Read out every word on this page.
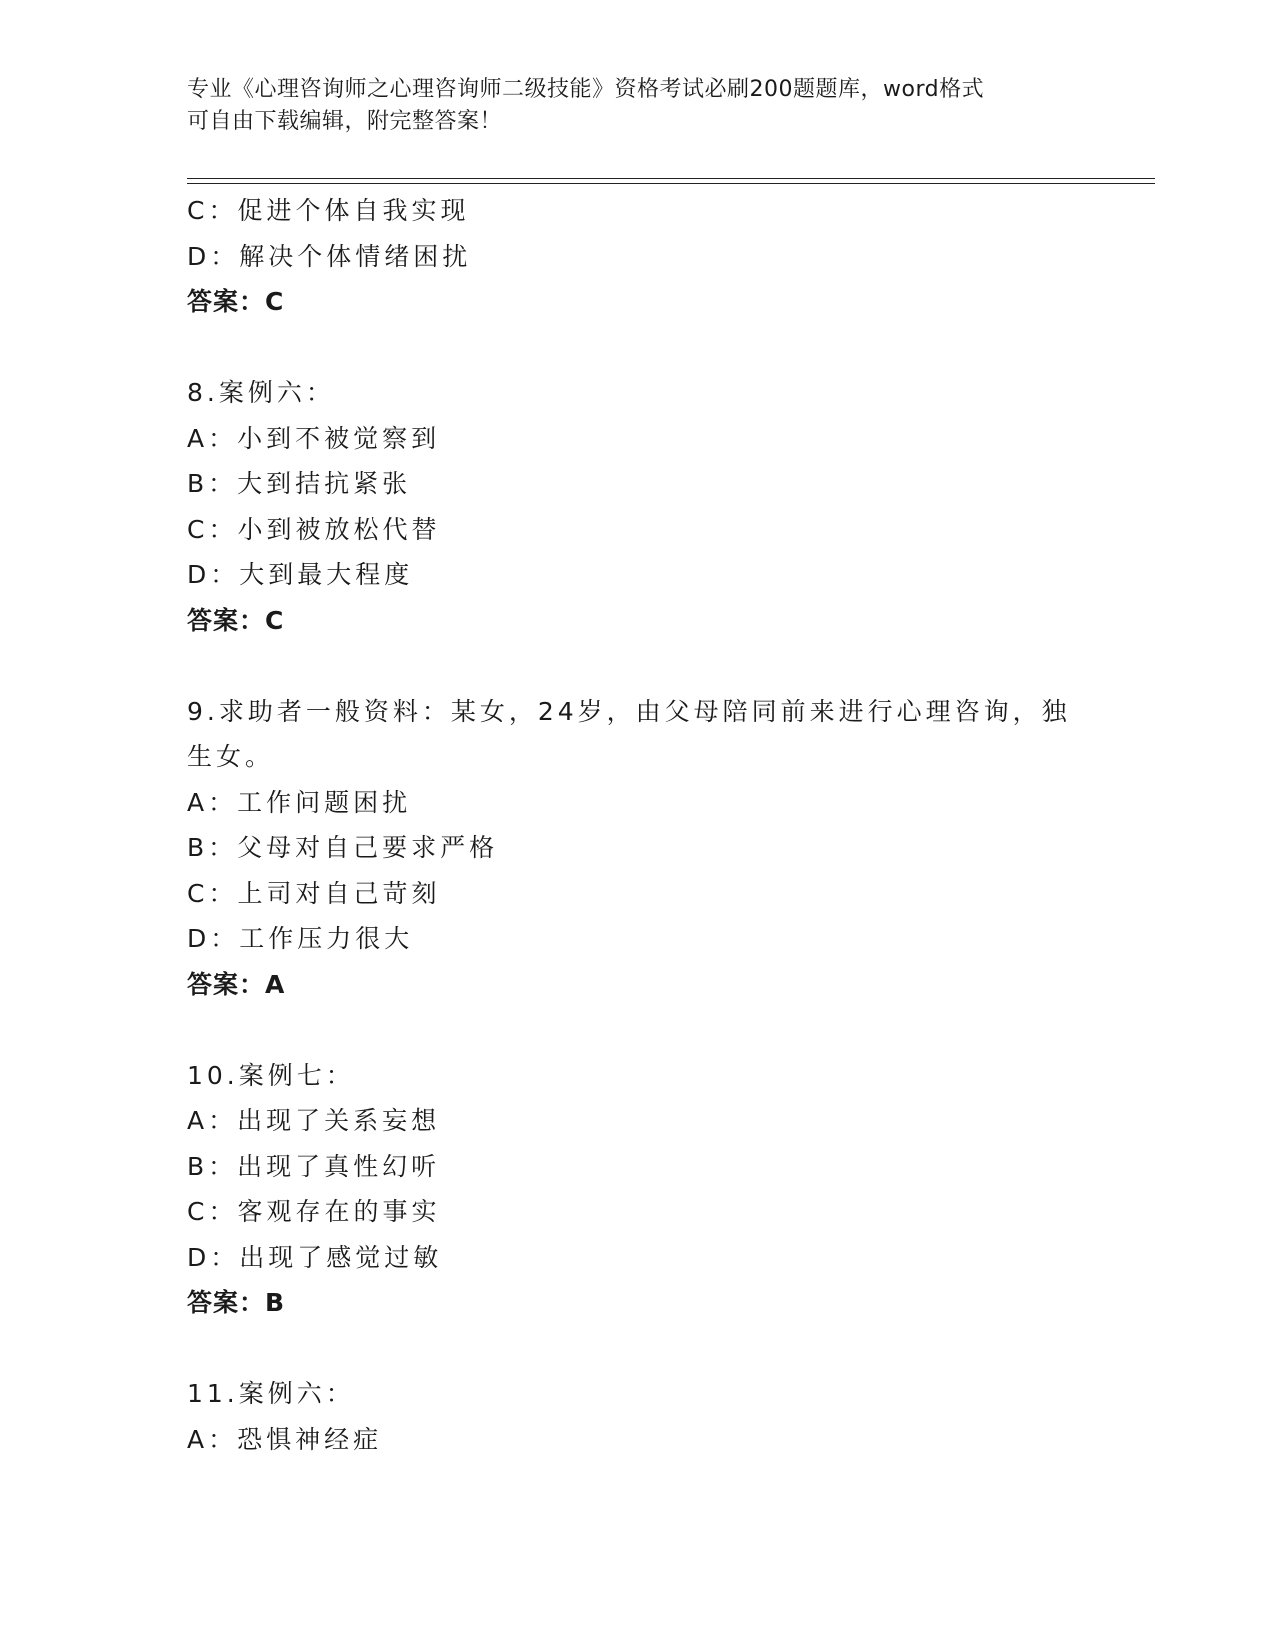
专业《心理咨询师之心理咨询师二级技能》资格考试必刷200题题库，word格式
可自由下载编辑，附完整答案！
C：促进个体自我实现
D：解决个体情绪困扰
答案：C
8.案例六：
A：小到不被觉察到
B：大到拮抗紧张
C：小到被放松代替
D：大到最大程度
答案：C
9.求助者一般资料：某女，24岁，由父母陪同前来进行心理咨询，独
生女。
A：工作问题困扰
B：父母对自己要求严格
C：上司对自己苛刻
D：工作压力很大
答案：A
10.案例七：
A：出现了关系妄想
B：出现了真性幻听
C：客观存在的事实
D：出现了感觉过敏
答案：B
11.案例六：
A：恐惧神经症
